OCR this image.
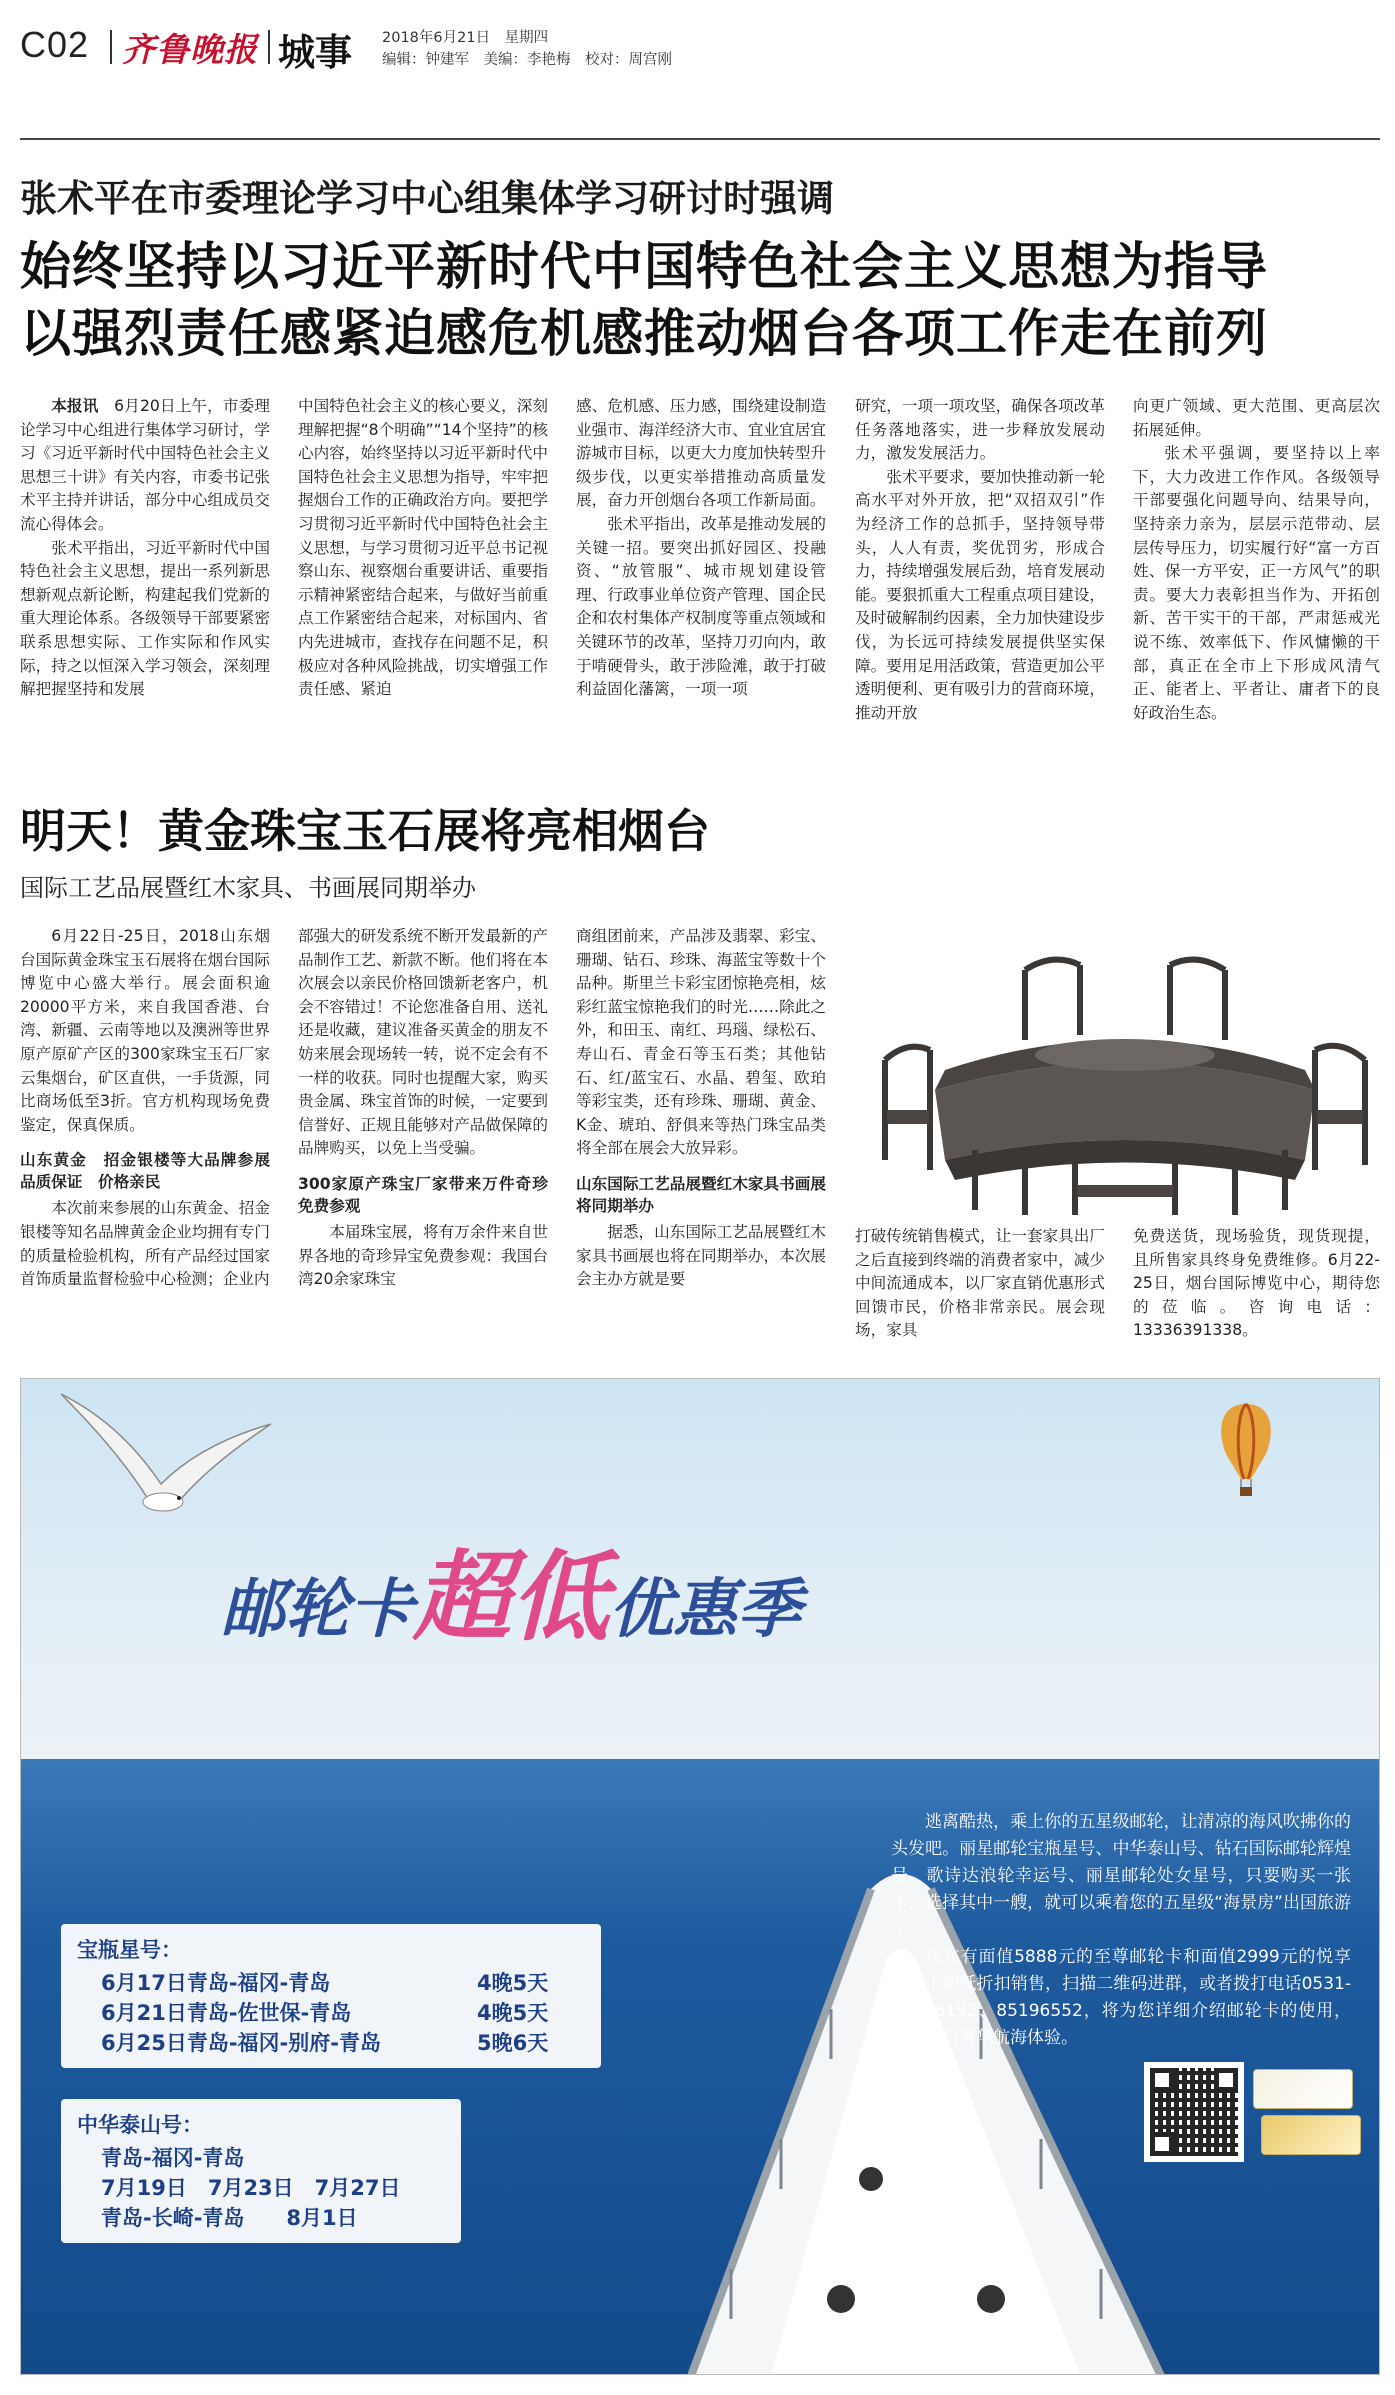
C02 齐鲁晚报 城事 2018年6月21日　星期四
编辑：钟建军　美编：李艳梅　校对：周宫刚
张术平在市委理论学习中心组集体学习研讨时强调
始终坚持以习近平新时代中国特色社会主义思想为指导
以强烈责任感紧迫感危机感推动烟台各项工作走在前列

本报讯　 6月20日上午，市委理论学习中心组进行集体学习研讨，学习《习近平新时代中国特色社会主义思想三十讲》有关内容，市委书记张术平主持并讲话，部分中心组成员交流心得体会。

张术平指出，习近平新时代中国特色社会主义思想，提出一系列新思想新观点新论断，构建起我们党新的重大理论体系。各级领导干部要紧密联系思想实际、工作实际和作风实际，持之以恒深入学习领会，深刻理解把握坚持和发展

中国特色社会主义的核心要义，深刻理解把握“8个明确”“14个坚持”的核心内容，始终坚持以习近平新时代中国特色社会主义思想为指导，牢牢把握烟台工作的正确政治方向。要把学习贯彻习近平新时代中国特色社会主义思想，与学习贯彻习近平总书记视察山东、视察烟台重要讲话、重要指示精神紧密结合起来，与做好当前重点工作紧密结合起来，对标国内、省内先进城市，查找存在问题不足，积极应对各种风险挑战，切实增强工作责任感、紧迫

感、危机感、压力感，围绕建设制造业强市、海洋经济大市、宜业宜居宜游城市目标，以更大力度加快转型升级步伐，以更实举措推动高质量发展，奋力开创烟台各项工作新局面。

张术平指出，改革是推动发展的关键一招。要突出抓好园区、投融资、“放管服”、城市规划建设管理、行政事业单位资产管理、国企民企和农村集体产权制度等重点领域和关键环节的改革，坚持刀刃向内，敢于啃硬骨头，敢于涉险滩，敢于打破利益固化藩篱，一项一项

研究，一项一项攻坚，确保各项改革任务落地落实，进一步释放发展动力，激发发展活力。

张术平要求，要加快推动新一轮高水平对外开放，把“双招双引”作为经济工作的总抓手，坚持领导带头，人人有责，奖优罚劣，形成合力，持续增强发展后劲，培育发展动能。要狠抓重大工程重点项目建设，及时破解制约因素，全力加快建设步伐，为长远可持续发展提供坚实保障。要用足用活政策，营造更加公平透明便利、更有吸引力的营商环境，推动开放

向更广领域、更大范围、更高层次拓展延伸。

张术平强调，要坚持以上率下，大力改进工作作风。各级领导干部要强化问题导向、结果导向，坚持亲力亲为，层层示范带动、层层传导压力，切实履行好“富一方百姓、保一方平安，正一方风气”的职责。要大力表彰担当作为、开拓创新、苦干实干的干部，严肃惩戒光说不练、效率低下、作风慵懒的干部，真正在全市上下形成风清气正、能者上、平者让、庸者下的良好政治生态。

明天！黄金珠宝玉石展将亮相烟台
国际工艺品展暨红木家具、书画展同期举办

6月22日-25日，2018山东烟台国际黄金珠宝玉石展将在烟台国际博览中心盛大举行。展会面积逾20000平方米，来自我国香港、台湾、新疆、云南等地以及澳洲等世界原产原矿产区的300家珠宝玉石厂家云集烟台，矿区直供，一手货源，同比商场低至3折。官方机构现场免费鉴定，保真保质。

山东黄金　招金银楼等大品牌参展　品质保证　价格亲民

本次前来参展的山东黄金、招金银楼等知名品牌黄金企业均拥有专门的质量检验机构，所有产品经过国家首饰质量监督检验中心检测；企业内

部强大的研发系统不断开发最新的产品制作工艺、新款不断。他们将在本次展会以亲民价格回馈新老客户，机会不容错过！不论您准备自用、送礼还是收藏，建议准备买黄金的朋友不妨来展会现场转一转，说不定会有不一样的收获。同时也提醒大家，购买贵金属、珠宝首饰的时候，一定要到信誉好、正规且能够对产品做保障的品牌购买，以免上当受骗。

300家原产珠宝厂家带来万件奇珍　免费参观

本届珠宝展，将有万余件来自世界各地的奇珍异宝免费参观：我国台湾20余家珠宝

商组团前来，产品涉及翡翠、彩宝、珊瑚、钻石、珍珠、海蓝宝等数十个品种。斯里兰卡彩宝团惊艳亮相，炫彩红蓝宝惊艳我们的时光……除此之外，和田玉、南红、玛瑙、绿松石、寿山石、青金石等玉石类；其他钻石、红/蓝宝石、水晶、碧玺、欧珀等彩宝类，还有珍珠、珊瑚、黄金、K金、琥珀、舒俱来等热门珠宝品类将全部在展会大放异彩。

山东国际工艺品展暨红木家具书画展将同期举办

据悉，山东国际工艺品展暨红木家具书画展也将在同期举办，本次展会主办方就是要

打破传统销售模式，让一套家具出厂之后直接到终端的消费者家中，减少中间流通成本，以厂家直销优惠形式回馈市民，价格非常亲民。展会现场，家具

免费送货，现场验货，现货现提，且所售家具终身免费维修。6月22-25日，烟台国际博览中心，期待您的莅临。咨询电话：13336391338。

邮轮卡超低优惠季
宝瓶星号：
6月17日青岛-福冈-青岛	4晚5天
6月21日青岛-佐世保-青岛	4晚5天
6月25日青岛-福冈-别府-青岛	5晚6天
中华泰山号：
青岛-福冈-青岛
7月19日　7月23日　7月27日
青岛-长崎-青岛　　8月1日

逃离酷热，乘上你的五星级邮轮，让清凉的海风吹拂你的头发吧。丽星邮轮宝瓶星号、中华泰山号、钻石国际邮轮辉煌号、歌诗达浪轮幸运号、丽星邮轮处女星号，只要购买一张卡，选择其中一艘，就可以乘着您的五星级“海景房”出国旅游了。

现在有面值5888元的至尊邮轮卡和面值2999元的悦享邮轮卡超低折扣销售，扫描二维码进群，或者拨打电话0531-85196192、85196552，将为您详细介绍邮轮卡的使用，带你开启奢华航海体验。
